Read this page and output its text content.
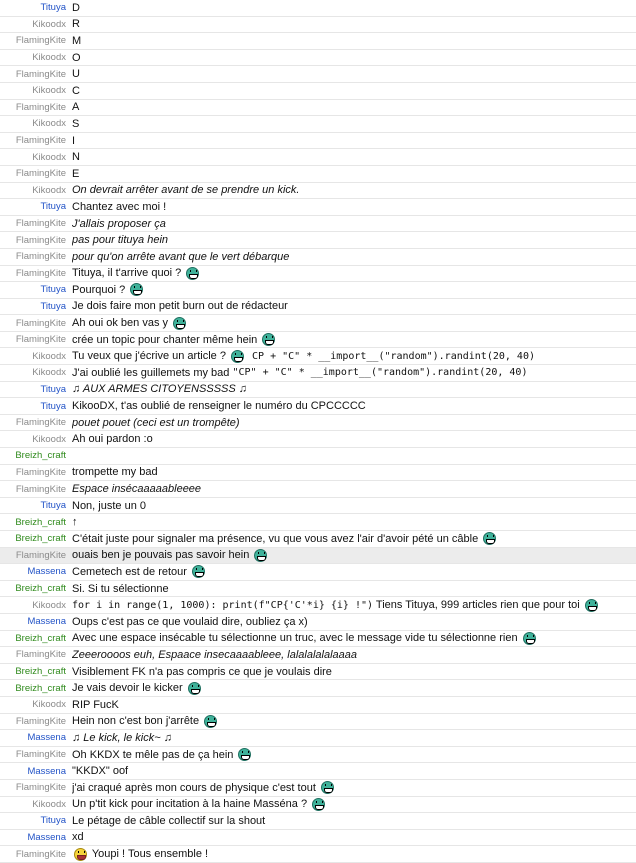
Tituya D
Kikoodx R
FlamingKite M
Kikoodx O
FlamingKite U
Kikoodx C
FlamingKite A
Kikoodx S
FlamingKite I
Kikoodx N
FlamingKite E
Kikoodx On devrait arrêter avant de se prendre un kick.
Tituya Chantez avec moi !
FlamingKite J'allais proposer ça
FlamingKite pas pour tituya hein
FlamingKite pour qu'on arrête avant que le vert débarque
FlamingKite Tituya, il t'arrive quoi ?
Tituya Pourquoi ?
Tituya Je dois faire mon petit burn out de rédacteur
FlamingKite Ah oui ok ben vas y
FlamingKite crée un topic pour chanter même hein
Kikoodx Tu veux que j'écrive un article ? CP + "C" * __import__("random").randint(20, 40)
Kikoodx J'ai oublié les guillemets my bad "CP" + "C" * __import__("random").randint(20, 40)
Tituya ♫ AUX ARMES CITOYENSSSSS ♫
Tituya KikooDX, t'as oublié de renseigner le numéro du CPCCCCC
FlamingKite pouet pouet (ceci est un trompête)
Kikoodx Ah oui pardon :o
Breizh_craft
FlamingKite trompette my bad
FlamingKite Espace insécaaaaableeee
Tituya Non, juste un 0
Breizh_craft ↑
Breizh_craft C'était juste pour signaler ma présence, vu que vous avez l'air d'avoir pété un câble
FlamingKite ouais ben je pouvais pas savoir hein
Massena Cemetech est de retour
Breizh_craft Si. Si tu sélectionne
Kikoodx for i in range(1, 1000): print(f"CP{'C'*i} {i} !") Tiens Tituya, 999 articles rien que pour toi
Massena Oups c'est pas ce que voulaid dire, oubliez ça x)
Breizh_craft Avec une espace insécable tu sélectionne un truc, avec le message vide tu sélectionne rien
FlamingKite Zeeeroooos euh, Espaace insecaaaableee, lalalalalalaaaa
Breizh_craft Visiblement FK n'a pas compris ce que je voulais dire
Breizh_craft Je vais devoir le kicker
Kikoodx RIP FucK
FlamingKite Hein non c'est bon j'arrête
Massena ♫ Le kick, le kick~ ♫
FlamingKite Oh KKDX te mêle pas de ça hein
Massena "KKDX" oof
FlamingKite j'ai craqué après mon cours de physique c'est tout
Kikoodx Un p'tit kick pour incitation à la haine Masséna ?
Tituya Le pétage de câble collectif sur la shout
Massena xd
FlamingKite	Youpi ! Tous ensemble !
